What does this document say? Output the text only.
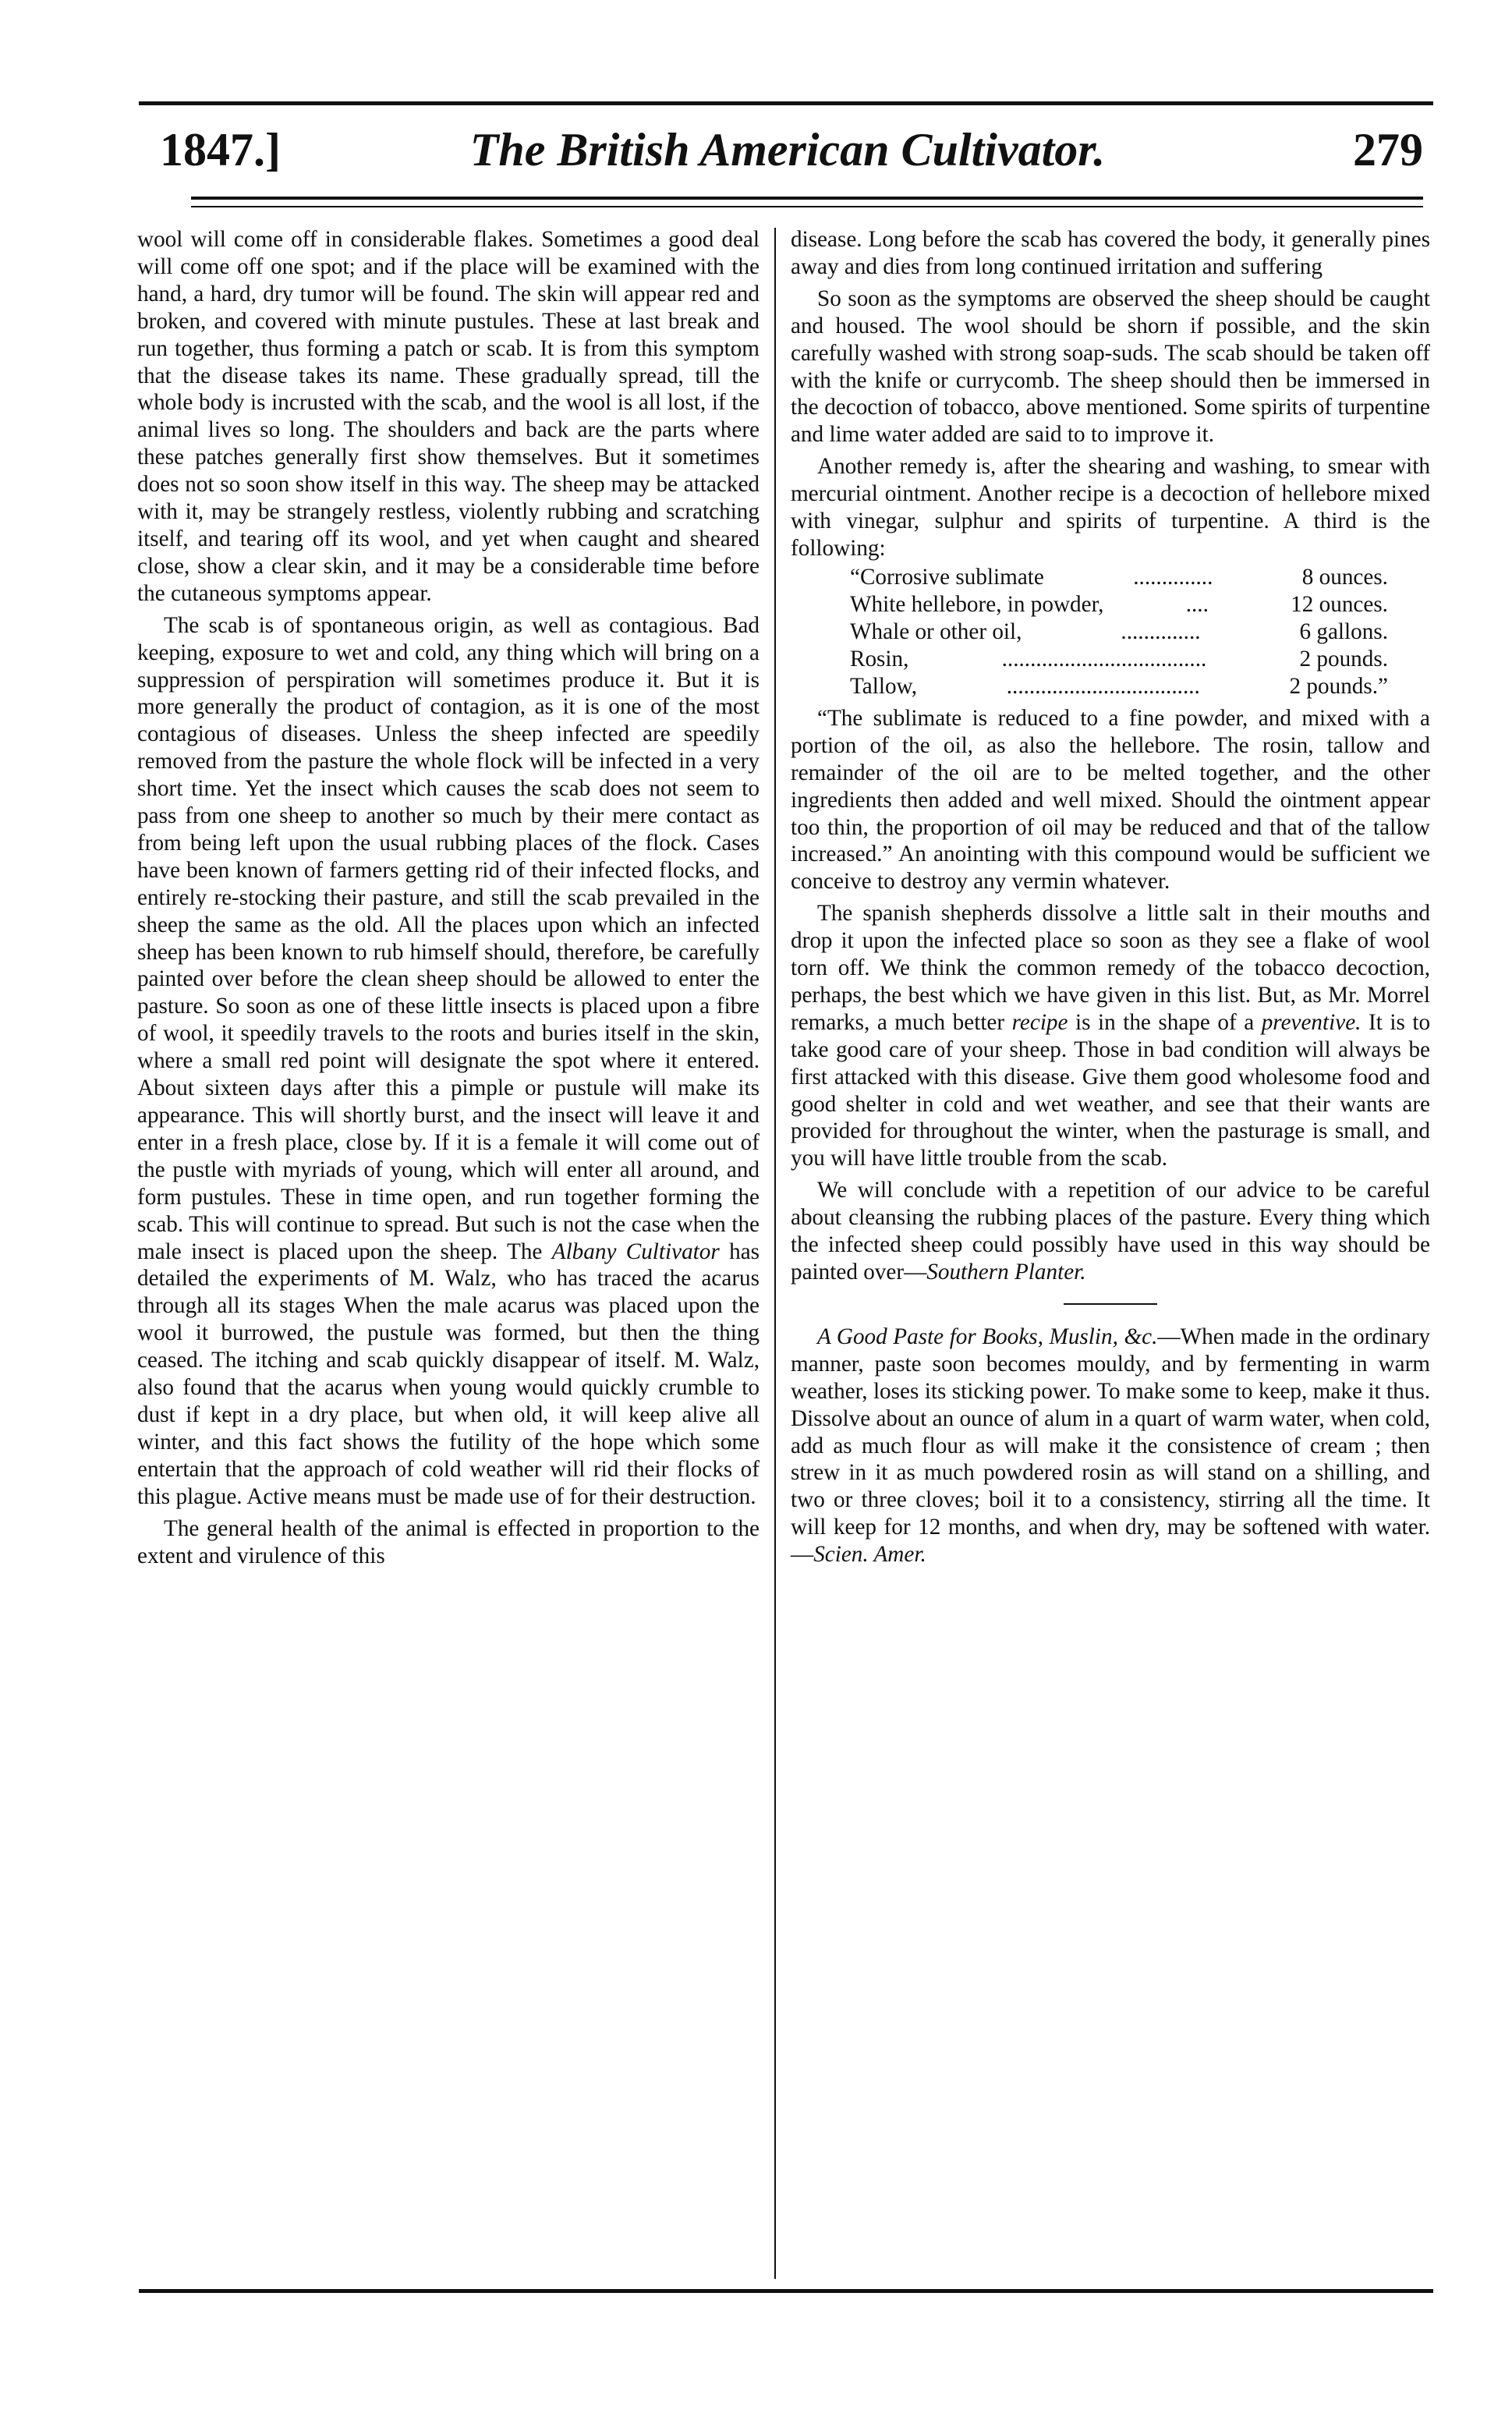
1847.]	The British American Cultivator.	279

wool will come off in considerable flakes. Sometimes a good deal will come off one spot; and if the place will be examined with the hand, a hard, dry tumor will be found. The skin will appear red and broken, and covered with minute pustules. These at last break and run together, thus forming a patch or scab. It is from this symptom that the disease takes its name. These gradually spread, till the whole body is incrusted with the scab, and the wool is all lost, if the animal lives so long. The shoulders and back are the parts where these patches generally first show themselves. But it sometimes does not so soon show itself in this way. The sheep may be attacked with it, may be strangely restless, violently rubbing and scratching itself, and tearing off its wool, and yet when caught and sheared close, show a clear skin, and it may be a considerable time before the cutaneous symptoms appear.

The scab is of spontaneous origin, as well as contagious. Bad keeping, exposure to wet and cold, any thing which will bring on a suppression of perspiration will sometimes produce it. But it is more generally the product of contagion, as it is one of the most contagious of diseases. Unless the sheep infected are speedily removed from the pasture the whole flock will be infected in a very short time. Yet the insect which causes the scab does not seem to pass from one sheep to another so much by their mere contact as from being left upon the usual rubbing places of the flock. Cases have been known of farmers getting rid of their infected flocks, and entirely re-stocking their pasture, and still the scab prevailed in the sheep the same as the old. All the places upon which an infected sheep has been known to rub himself should, therefore, be carefully painted over before the clean sheep should be allowed to enter the pasture. So soon as one of these little insects is placed upon a fibre of wool, it speedily travels to the roots and buries itself in the skin, where a small red point will designate the spot where it entered. About sixteen days after this a pimple or pustule will make its appearance. This will shortly burst, and the insect will leave it and enter in a fresh place, close by. If it is a female it will come out of the pustle with myriads of young, which will enter all around, and form pustules. These in time open, and run together forming the scab. This will continue to spread. But such is not the case when the male insect is placed upon the sheep. The Albany Cultivator has detailed the experiments of M. Walz, who has traced the acarus through all its stages When the male acarus was placed upon the wool it burrowed, the pustule was formed, but then the thing ceased. The itching and scab quickly disappear of itself. M. Walz, also found that the acarus when young would quickly crumble to dust if kept in a dry place, but when old, it will keep alive all winter, and this fact shows the futility of the hope which some entertain that the approach of cold weather will rid their flocks of this plague. Active means must be made use of for their destruction.

The general health of the animal is effected in proportion to the extent and virulence of this

disease. Long before the scab has covered the body, it generally pines away and dies from long continued irritation and suffering

So soon as the symptoms are observed the sheep should be caught and housed. The wool should be shorn if possible, and the skin carefully washed with strong soap-suds. The scab should be taken off with the knife or currycomb. The sheep should then be immersed in the decoction of tobacco, above mentioned. Some spirits of turpentine and lime water added are said to to improve it.

Another remedy is, after the shearing and washing, to smear with mercurial ointment. Another recipe is a decoction of hellebore mixed with vinegar, sulphur and spirits of turpentine. A third is the following:

“Corrosive sublimate	..............	8 ounces.
White hellebore, in powder,	....	12 ounces.
Whale or other oil,	..............	6 gallons.
Rosin,	....................................	2 pounds.
Tallow,	..................................	2 pounds.”

“The sublimate is reduced to a fine powder, and mixed with a portion of the oil, as also the hellebore. The rosin, tallow and remainder of the oil are to be melted together, and the other ingredients then added and well mixed. Should the ointment appear too thin, the proportion of oil may be reduced and that of the tallow increased.” An anointing with this compound would be sufficient we conceive to destroy any vermin whatever.

The spanish shepherds dissolve a little salt in their mouths and drop it upon the infected place so soon as they see a flake of wool torn off. We think the common remedy of the tobacco decoction, perhaps, the best which we have given in this list. But, as Mr. Morrel remarks, a much better recipe is in the shape of a preventive. It is to take good care of your sheep. Those in bad condition will always be first attacked with this disease. Give them good wholesome food and good shelter in cold and wet weather, and see that their wants are provided for throughout the winter, when the pasturage is small, and you will have little trouble from the scab.

We will conclude with a repetition of our advice to be careful about cleansing the rubbing places of the pasture. Every thing which the infected sheep could possibly have used in this way should be painted over—Southern Planter.

A Good Paste for Books, Muslin, &c.—When made in the ordinary manner, paste soon becomes mouldy, and by fermenting in warm weather, loses its sticking power. To make some to keep, make it thus. Dissolve about an ounce of alum in a quart of warm water, when cold, add as much flour as will make it the consistence of cream ; then strew in it as much powdered rosin as will stand on a shilling, and two or three cloves; boil it to a consistency, stirring all the time. It will keep for 12 months, and when dry, may be softened with water.—Scien. Amer.
